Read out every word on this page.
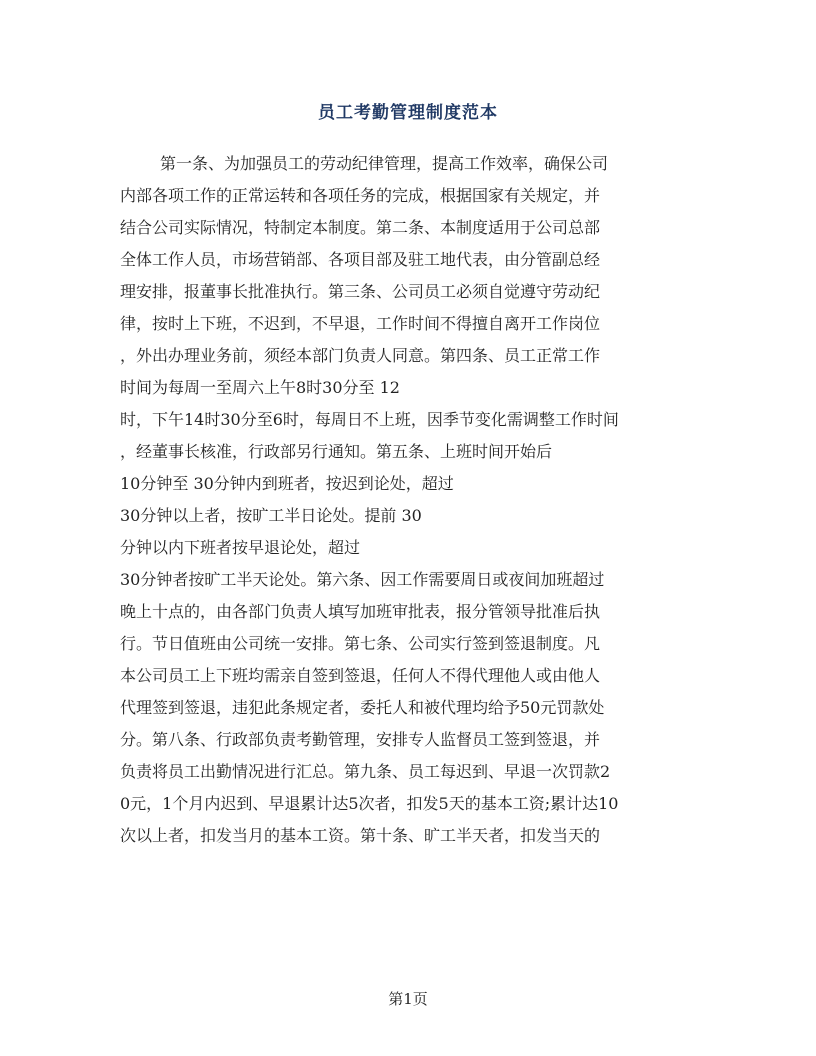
员工考勤管理制度范本
第一条、为加强员工的劳动纪律管理，提高工作效率，确保公司
内部各项工作的正常运转和各项任务的完成，根据国家有关规定，并
结合公司实际情况，特制定本制度。第二条、本制度适用于公司总部
全体工作人员，市场营销部、各项目部及驻工地代表，由分管副总经
理安排，报董事长批准执行。第三条、公司员工必须自觉遵守劳动纪
律，按时上下班，不迟到，不早退，工作时间不得擅自离开工作岗位
，外出办理业务前，须经本部门负责人同意。第四条、员工正常工作
时间为每周一至周六上午8时30分至 12
时，下午14时30分至6时，每周日不上班，因季节变化需调整工作时间
，经董事长核准，行政部另行通知。第五条、上班时间开始后
10分钟至 30分钟内到班者，按迟到论处，超过
30分钟以上者，按旷工半日论处。提前 30
分钟以内下班者按早退论处，超过
30分钟者按旷工半天论处。第六条、因工作需要周日或夜间加班超过
晚上十点的，由各部门负责人填写加班审批表，报分管领导批准后执
行。节日值班由公司统一安排。第七条、公司实行签到签退制度。凡
本公司员工上下班均需亲自签到签退，任何人不得代理他人或由他人
代理签到签退，违犯此条规定者，委托人和被代理均给予50元罚款处
分。第八条、行政部负责考勤管理，安排专人监督员工签到签退，并
负责将员工出勤情况进行汇总。第九条、员工每迟到、早退一次罚款2
0元，1个月内迟到、早退累计达5次者，扣发5天的基本工资;累计达10
次以上者，扣发当月的基本工资。第十条、旷工半天者，扣发当天的
第1页
